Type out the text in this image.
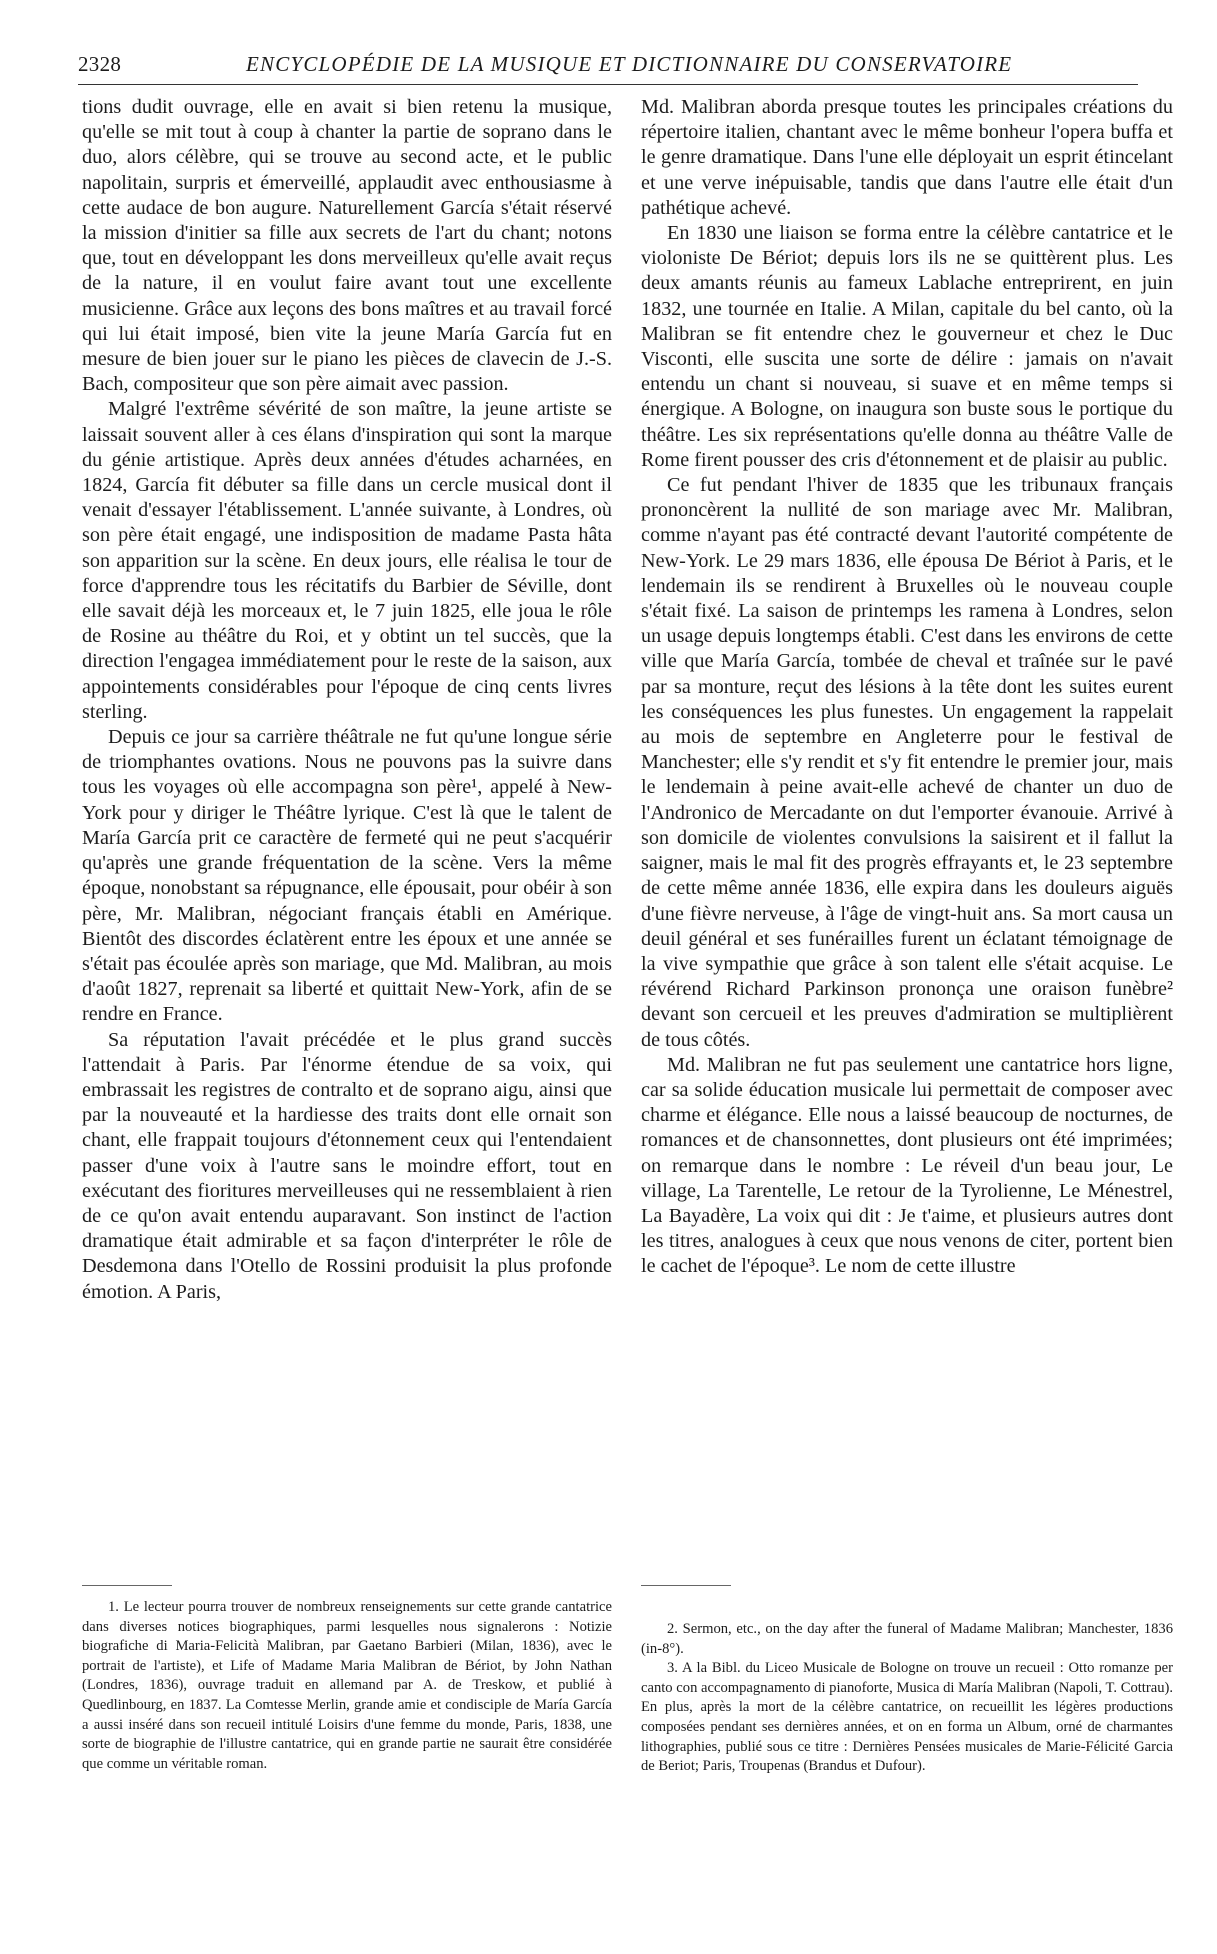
2328	ENCYCLOPÉDIE DE LA MUSIQUE ET DICTIONNAIRE DU CONSERVATOIRE

tions dudit ouvrage, elle en avait si bien retenu la musique, qu'elle se mit tout à coup à chanter la partie de soprano dans le duo, alors célèbre, qui se trouve au second acte, et le public napolitain, surpris et émerveillé, applaudit avec enthousiasme à cette audace de bon augure. Naturellement García s'était réservé la mission d'initier sa fille aux secrets de l'art du chant; notons que, tout en développant les dons merveilleux qu'elle avait reçus de la nature, il en voulut faire avant tout une excellente musicienne. Grâce aux leçons des bons maîtres et au travail forcé qui lui était imposé, bien vite la jeune María García fut en mesure de bien jouer sur le piano les pièces de clavecin de J.-S. Bach, compositeur que son père aimait avec passion.

Malgré l'extrême sévérité de son maître, la jeune artiste se laissait souvent aller à ces élans d'inspiration qui sont la marque du génie artistique. Après deux années d'études acharnées, en 1824, García fit débuter sa fille dans un cercle musical dont il venait d'essayer l'établissement. L'année suivante, à Londres, où son père était engagé, une indisposition de madame Pasta hâta son apparition sur la scène. En deux jours, elle réalisa le tour de force d'apprendre tous les récitatifs du Barbier de Séville, dont elle savait déjà les morceaux et, le 7 juin 1825, elle joua le rôle de Rosine au théâtre du Roi, et y obtint un tel succès, que la direction l'engagea immédiatement pour le reste de la saison, aux appointements considérables pour l'époque de cinq cents livres sterling.

Depuis ce jour sa carrière théâtrale ne fut qu'une longue série de triomphantes ovations. Nous ne pouvons pas la suivre dans tous les voyages où elle accompagna son père¹, appelé à New-York pour y diriger le Théâtre lyrique. C'est là que le talent de María García prit ce caractère de fermeté qui ne peut s'acquérir qu'après une grande fréquentation de la scène. Vers la même époque, nonobstant sa répugnance, elle épousait, pour obéir à son père, Mr. Malibran, négociant français établi en Amérique. Bientôt des discordes éclatèrent entre les époux et une année se s'était pas écoulée après son mariage, que Md. Malibran, au mois d'août 1827, reprenait sa liberté et quittait New-York, afin de se rendre en France.

Sa réputation l'avait précédée et le plus grand succès l'attendait à Paris. Par l'énorme étendue de sa voix, qui embrassait les registres de contralto et de soprano aigu, ainsi que par la nouveauté et la hardiesse des traits dont elle ornait son chant, elle frappait toujours d'étonnement ceux qui l'entendaient passer d'une voix à l'autre sans le moindre effort, tout en exécutant des fioritures merveilleuses qui ne ressemblaient à rien de ce qu'on avait entendu auparavant. Son instinct de l'action dramatique était admirable et sa façon d'interpréter le rôle de Desdemona dans l'Otello de Rossini produisit la plus profonde émotion. A Paris,

Md. Malibran aborda presque toutes les principales créations du répertoire italien, chantant avec le même bonheur l'opera buffa et le genre dramatique. Dans l'une elle déployait un esprit étincelant et une verve inépuisable, tandis que dans l'autre elle était d'un pathétique achevé.

En 1830 une liaison se forma entre la célèbre cantatrice et le violoniste De Bériot; depuis lors ils ne se quittèrent plus. Les deux amants réunis au fameux Lablache entreprirent, en juin 1832, une tournée en Italie. A Milan, capitale du bel canto, où la Malibran se fit entendre chez le gouverneur et chez le Duc Visconti, elle suscita une sorte de délire : jamais on n'avait entendu un chant si nouveau, si suave et en même temps si énergique. A Bologne, on inaugura son buste sous le portique du théâtre. Les six représentations qu'elle donna au théâtre Valle de Rome firent pousser des cris d'étonnement et de plaisir au public.

Ce fut pendant l'hiver de 1835 que les tribunaux français prononcèrent la nullité de son mariage avec Mr. Malibran, comme n'ayant pas été contracté devant l'autorité compétente de New-York. Le 29 mars 1836, elle épousa De Bériot à Paris, et le lendemain ils se rendirent à Bruxelles où le nouveau couple s'était fixé. La saison de printemps les ramena à Londres, selon un usage depuis longtemps établi. C'est dans les environs de cette ville que María García, tombée de cheval et traînée sur le pavé par sa monture, reçut des lésions à la tête dont les suites eurent les conséquences les plus funestes. Un engagement la rappelait au mois de septembre en Angleterre pour le festival de Manchester; elle s'y rendit et s'y fit entendre le premier jour, mais le lendemain à peine avait-elle achevé de chanter un duo de l'Andronico de Mercadante on dut l'emporter évanouie. Arrivé à son domicile de violentes convulsions la saisirent et il fallut la saigner, mais le mal fit des progrès effrayants et, le 23 septembre de cette même année 1836, elle expira dans les douleurs aiguës d'une fièvre nerveuse, à l'âge de vingt-huit ans. Sa mort causa un deuil général et ses funérailles furent un éclatant témoignage de la vive sympathie que grâce à son talent elle s'était acquise. Le révérend Richard Parkinson prononça une oraison funèbre² devant son cercueil et les preuves d'admiration se multiplièrent de tous côtés.

Md. Malibran ne fut pas seulement une cantatrice hors ligne, car sa solide éducation musicale lui permettait de composer avec charme et élégance. Elle nous a laissé beaucoup de nocturnes, de romances et de chansonnettes, dont plusieurs ont été imprimées; on remarque dans le nombre : Le réveil d'un beau jour, Le village, La Tarentelle, Le retour de la Tyrolienne, Le Ménestrel, La Bayadère, La voix qui dit : Je t'aime, et plusieurs autres dont les titres, analogues à ceux que nous venons de citer, portent bien le cachet de l'époque³. Le nom de cette illustre

1. Le lecteur pourra trouver de nombreux renseignements sur cette grande cantatrice dans diverses notices biographiques, parmi lesquelles nous signalerons : Notizie biografiche di Maria-Felicità Malibran, par Gaetano Barbieri (Milan, 1836), avec le portrait de l'artiste), et Life of Madame Maria Malibran de Bériot, by John Nathan (Londres, 1836), ouvrage traduit en allemand par A. de Treskow, et publié à Quedlinbourg, en 1837. La Comtesse Merlin, grande amie et condisciple de María García a aussi inséré dans son recueil intitulé Loisirs d'une femme du monde, Paris, 1838, une sorte de biographie de l'illustre cantatrice, qui en grande partie ne saurait être considérée que comme un véritable roman.

2. Sermon, etc., on the day after the funeral of Madame Malibran; Manchester, 1836 (in-8°).

3. A la Bibl. du Liceo Musicale de Bologne on trouve un recueil : Otto romanze per canto con accompagnamento di pianoforte, Musica di María Malibran (Napoli, T. Cottrau). En plus, après la mort de la célèbre cantatrice, on recueillit les légères productions composées pendant ses dernières années, et on en forma un Album, orné de charmantes lithographies, publié sous ce titre : Dernières Pensées musicales de Marie-Félicité Garcia de Beriot; Paris, Troupenas (Brandus et Dufour).
